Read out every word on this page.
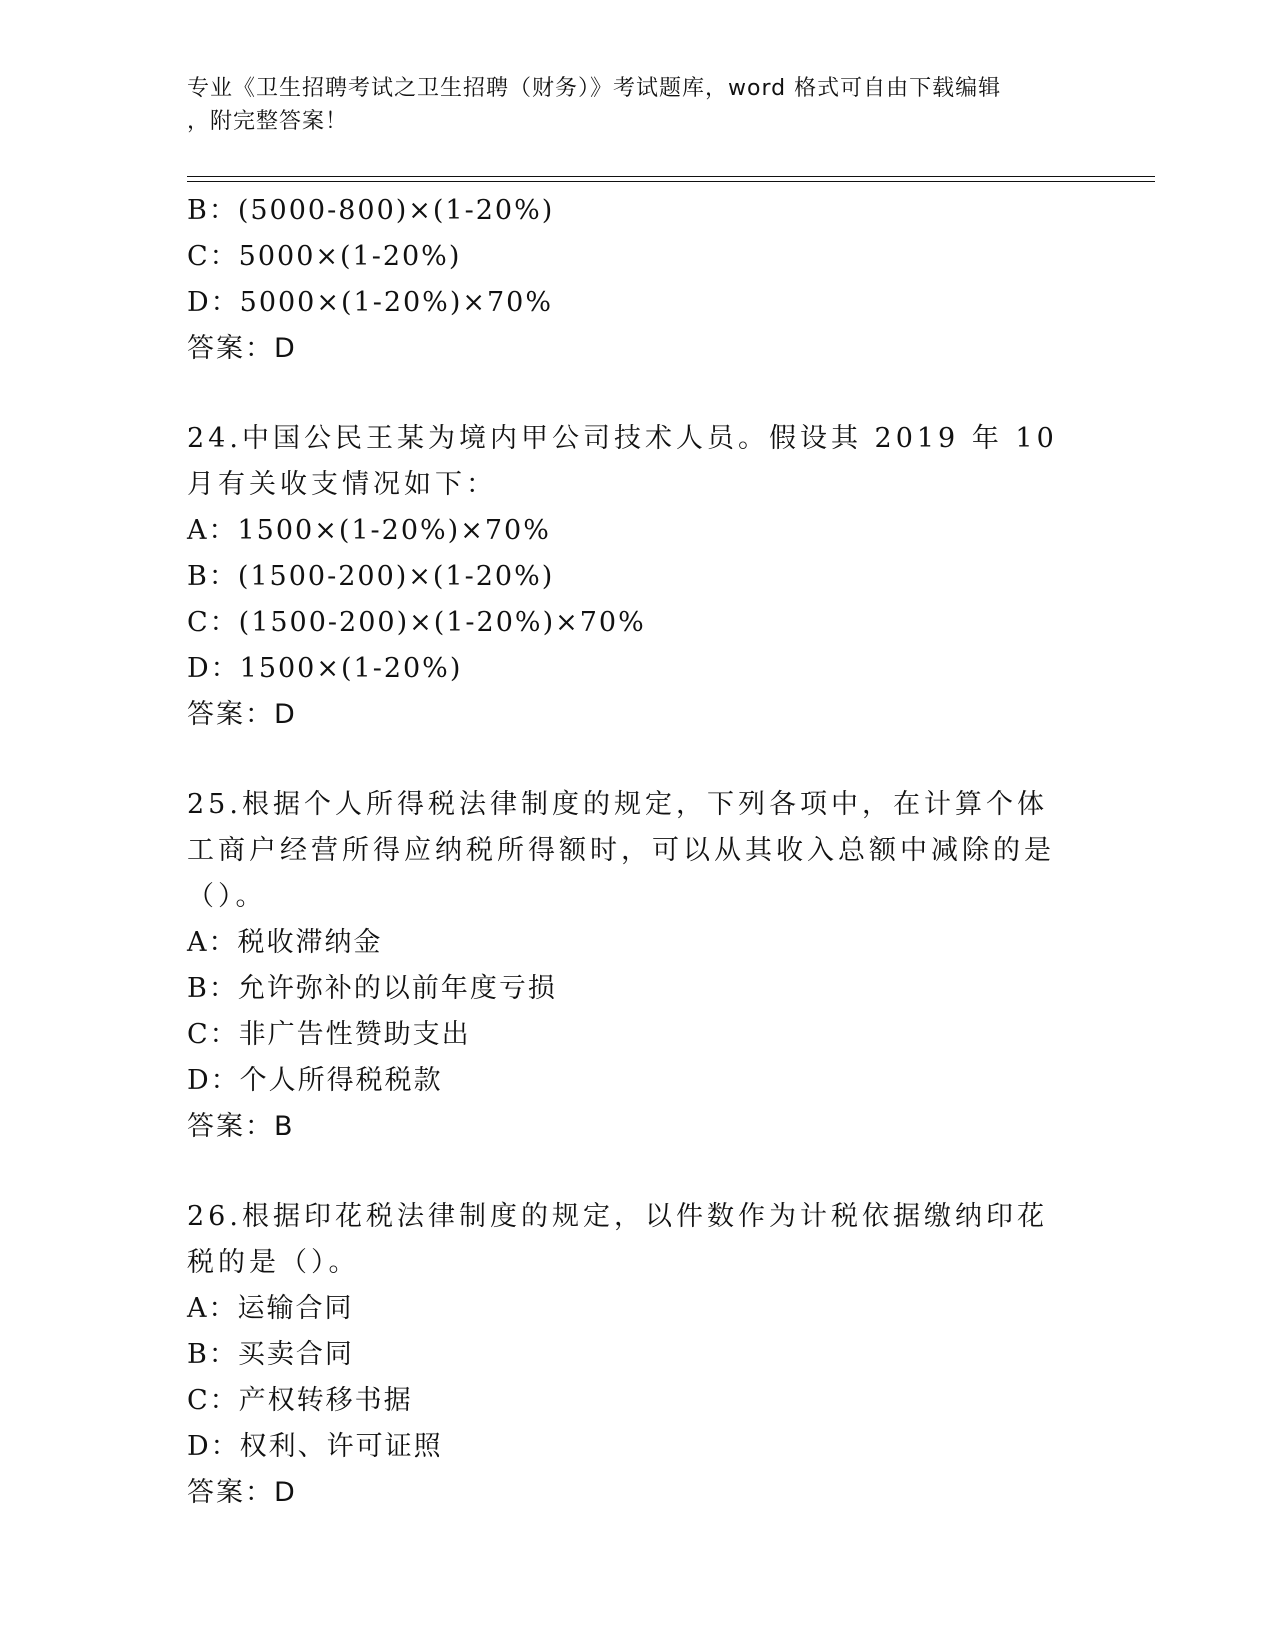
专业《卫生招聘考试之卫生招聘（财务）》考试题库，word 格式可自由下载编辑
，附完整答案！
B：(5000-800)×(1-20%)
C：5000×(1-20%)
D：5000×(1-20%)×70%
答案：D
24.中国公民王某为境内甲公司技术人员。假设其 2019 年 10 月有关收支情况如下：
A：1500×(1-20%)×70%
B：(1500-200)×(1-20%)
C：(1500-200)×(1-20%)×70%
D：1500×(1-20%)
答案：D
25.根据个人所得税法律制度的规定，下列各项中，在计算个体工商户经营所得应纳税所得额时，可以从其收入总额中减除的是（）。
A：税收滞纳金
B：允许弥补的以前年度亏损
C：非广告性赞助支出
D：个人所得税税款
答案：B
26.根据印花税法律制度的规定，以件数作为计税依据缴纳印花税的是（）。
A：运输合同
B：买卖合同
C：产权转移书据
D：权利、许可证照
答案：D
